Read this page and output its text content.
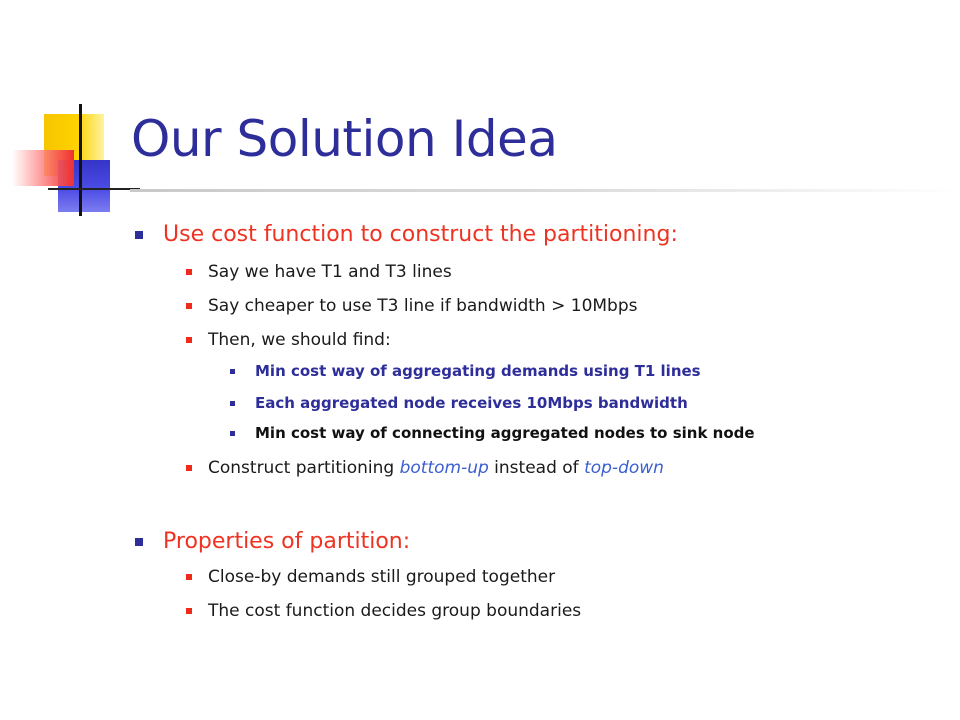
Our Solution Idea
Use cost function to construct the partitioning:
Say we have T1 and T3 lines
Say cheaper to use T3 line if bandwidth > 10Mbps
Then, we should find:
Min cost way of aggregating demands using T1 lines
Each aggregated node receives 10Mbps bandwidth
Min cost way of connecting aggregated nodes to sink node
Construct partitioning bottom-up instead of top-down
Properties of partition:
Close-by demands still grouped together
The cost function decides group boundaries
